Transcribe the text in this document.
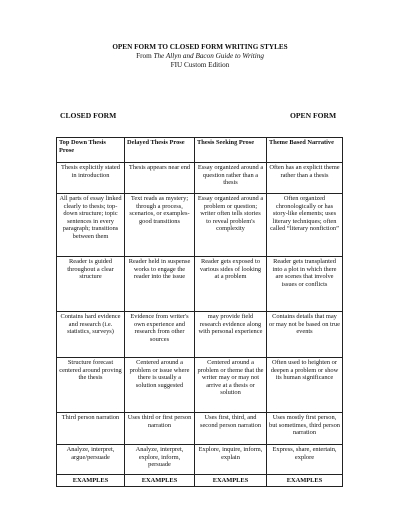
OPEN FORM TO CLOSED FORM WRITING STYLES
From The Allyn and Bacon Guide to Writing
FIU Custom Edition
CLOSED FORM	OPEN FORM
Top Down Thesis Prose	Delayed Thesis Prose	Thesis Seeking Prose	Theme Based Narrative
Thesis explicitly stated in introduction	Thesis appears near end	Essay organized around a question rather than a thesis	Often has an explicit theme rather than a thesis
All parts of essay linked clearly to thesis; top-down structure; topic sentences in every paragraph; transitions between them	Text reads as mystery; through a process, scenarios, or examples-good transitions	Essay organized around a problem or question; writer often tells stories to reveal problem's complexity	Often organized chronologically or has story-like elements; uses literary techniques; often called “literary nonfiction”
Reader is guided throughout a clear structure	Reader held in suspense works to engage the reader into the issue	Reader gets exposed to various sides of looking at a problem	Reader gets transplanted into a plot in which there are scenes that involve issues or conflicts
Contains hard evidence and research (i.e. statistics, surveys)	Evidence from writer's own experience and research from other sources	may provide field research evidence along with personal experience	Contains details that may or may not be based on true events
Structure forecast centered around proving the thesis	Centered around a problem or issue where there is usually a solution suggested	Centered around a problem or theme that the writer may or may not arrive at a thesis or solution	Often used to heighten or deepen a problem or show its human significance
Third person narration	Uses third or first person narration	Uses first, third, and second person narration	Uses mostly first person, but sometimes, third person narration
Analyze, interpret, argue/persuade	Analyze, interpret, explore, inform, persuade	Explore, inquire, inform, explain	Express, share, entertain, explore
EXAMPLES	EXAMPLES	EXAMPLES	EXAMPLES
